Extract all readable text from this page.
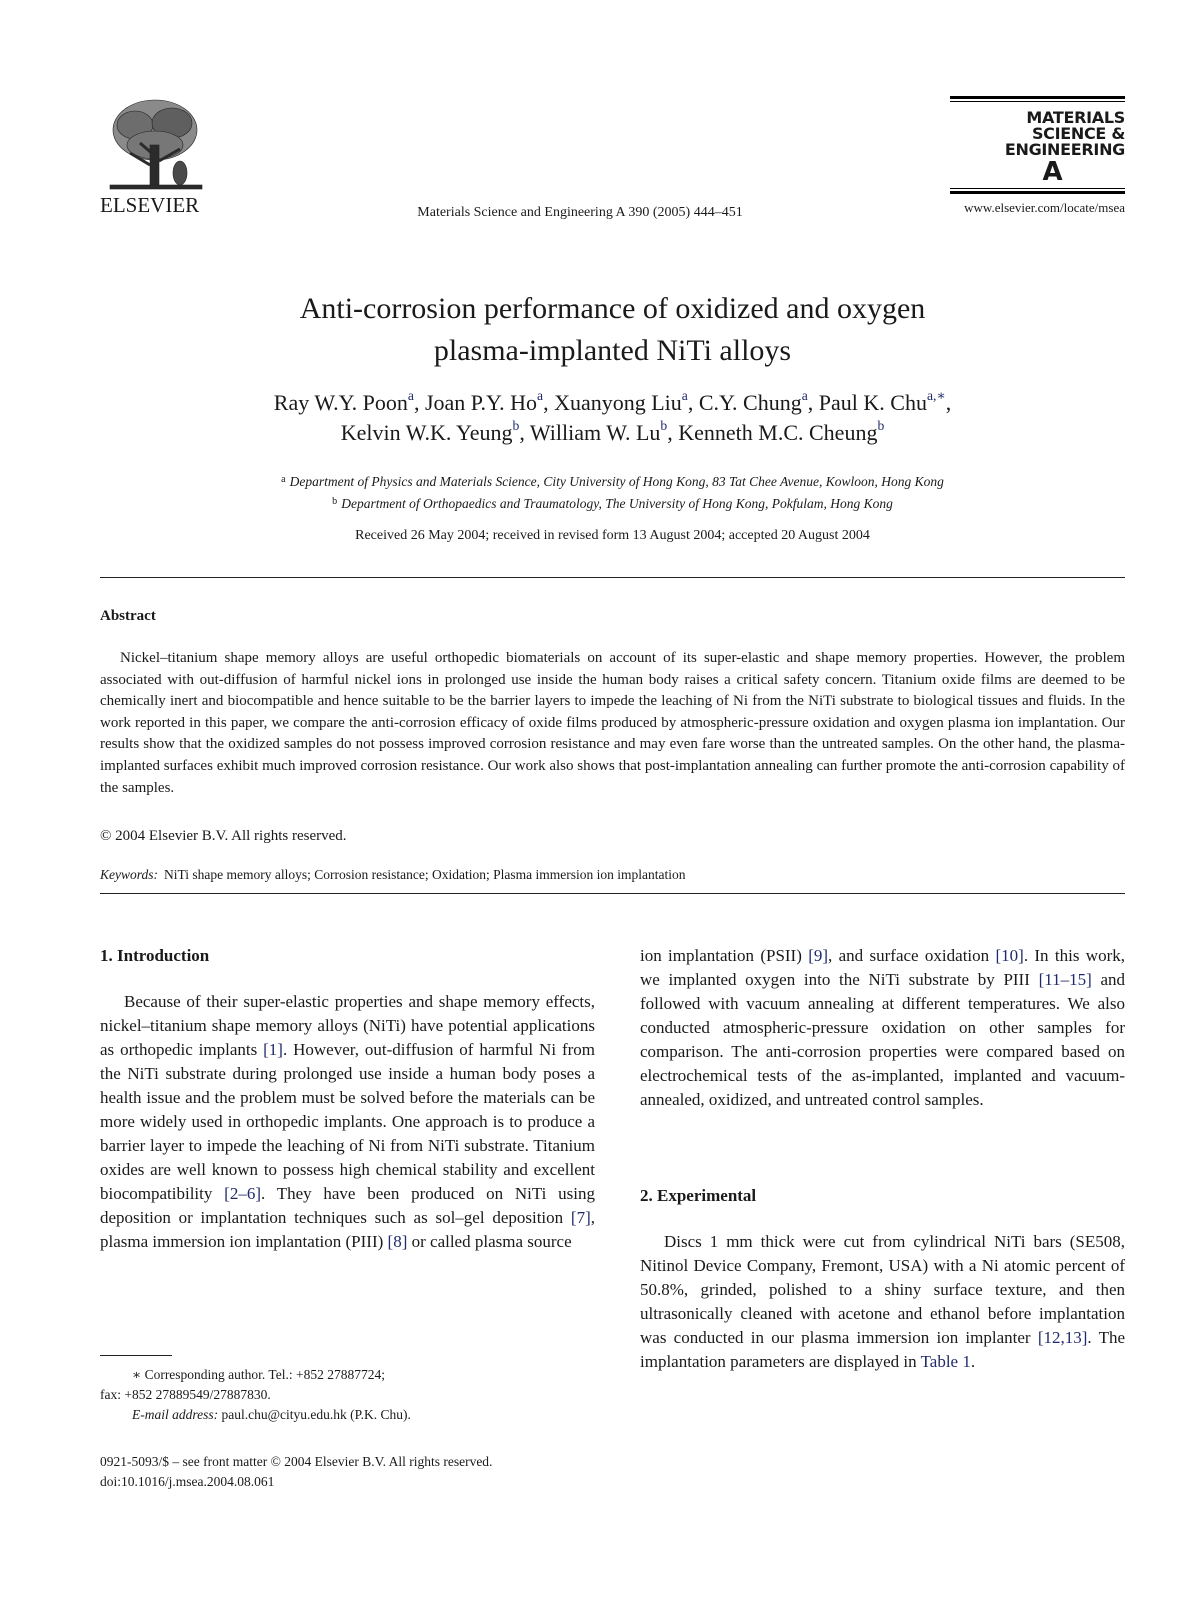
ELSEVIER	Materials Science and Engineering A 390 (2005) 444–451
MATERIALS
SCIENCE &
ENGINEERING
A
www.elsevier.com/locate/msea
Anti-corrosion performance of oxidized and oxygen
plasma-implanted NiTi alloys
Ray W.Y. Poon$^a$, Joan P.Y. Ho$^a$, Xuanyong Liu$^a$, C.Y. Chung$^a$, Paul K. Chu$^{a,∗}$,
Kelvin W.K. Yeung$^b$, William W. Lu$^b$, Kenneth M.C. Cheung$^b$
$^a$ Department of Physics and Materials Science, City University of Hong Kong, 83 Tat Chee Avenue, Kowloon, Hong Kong
$^b$ Department of Orthopaedics and Traumatology, The University of Hong Kong, Pokfulam, Hong Kong
Received 26 May 2004; received in revised form 13 August 2004; accepted 20 August 2004
Abstract
Nickel–titanium shape memory alloys are useful orthopedic biomaterials on account of its super-elastic and shape memory properties. However, the problem associated with out-diffusion of harmful nickel ions in prolonged use inside the human body raises a critical safety concern. Titanium oxide films are deemed to be chemically inert and biocompatible and hence suitable to be the barrier layers to impede the leaching of Ni from the NiTi substrate to biological tissues and fluids. In the work reported in this paper, we compare the anti-corrosion efficacy of oxide films produced by atmospheric-pressure oxidation and oxygen plasma ion implantation. Our results show that the oxidized samples do not possess improved corrosion resistance and may even fare worse than the untreated samples. On the other hand, the plasma-implanted surfaces exhibit much improved corrosion resistance. Our work also shows that post-implantation annealing can further promote the anti-corrosion capability of the samples.
© 2004 Elsevier B.V. All rights reserved.
Keywords: NiTi shape memory alloys; Corrosion resistance; Oxidation; Plasma immersion ion implantation
1. Introduction
Because of their super-elastic properties and shape memory effects, nickel–titanium shape memory alloys (NiTi) have potential applications as orthopedic implants [1]. However, out-diffusion of harmful Ni from the NiTi substrate during prolonged use inside a human body poses a health issue and the problem must be solved before the materials can be more widely used in orthopedic implants. One approach is to produce a barrier layer to impede the leaching of Ni from NiTi substrate. Titanium oxides are well known to possess high chemical stability and excellent biocompatibility [2–6]. They have been produced on NiTi using deposition or implantation techniques such as sol–gel deposition [7], plasma immersion ion implantation (PIII) [8] or called plasma source
∗ Corresponding author. Tel.: +852 27887724;
fax: +852 27889549/27887830.
E-mail address: paul.chu@cityu.edu.hk (P.K. Chu).
0921-5093/$ – see front matter © 2004 Elsevier B.V. All rights reserved.
doi:10.1016/j.msea.2004.08.061
ion implantation (PSII) [9], and surface oxidation [10]. In this work, we implanted oxygen into the NiTi substrate by PIII [11–15] and followed with vacuum annealing at different temperatures. We also conducted atmospheric-pressure oxidation on other samples for comparison. The anti-corrosion properties were compared based on electrochemical tests of the as-implanted, implanted and vacuum-annealed, oxidized, and untreated control samples.
2. Experimental
Discs 1 mm thick were cut from cylindrical NiTi bars (SE508, Nitinol Device Company, Fremont, USA) with a Ni atomic percent of 50.8%, grinded, polished to a shiny surface texture, and then ultrasonically cleaned with acetone and ethanol before implantation was conducted in our plasma immersion ion implanter [12,13]. The implantation parameters are displayed in Table 1.
